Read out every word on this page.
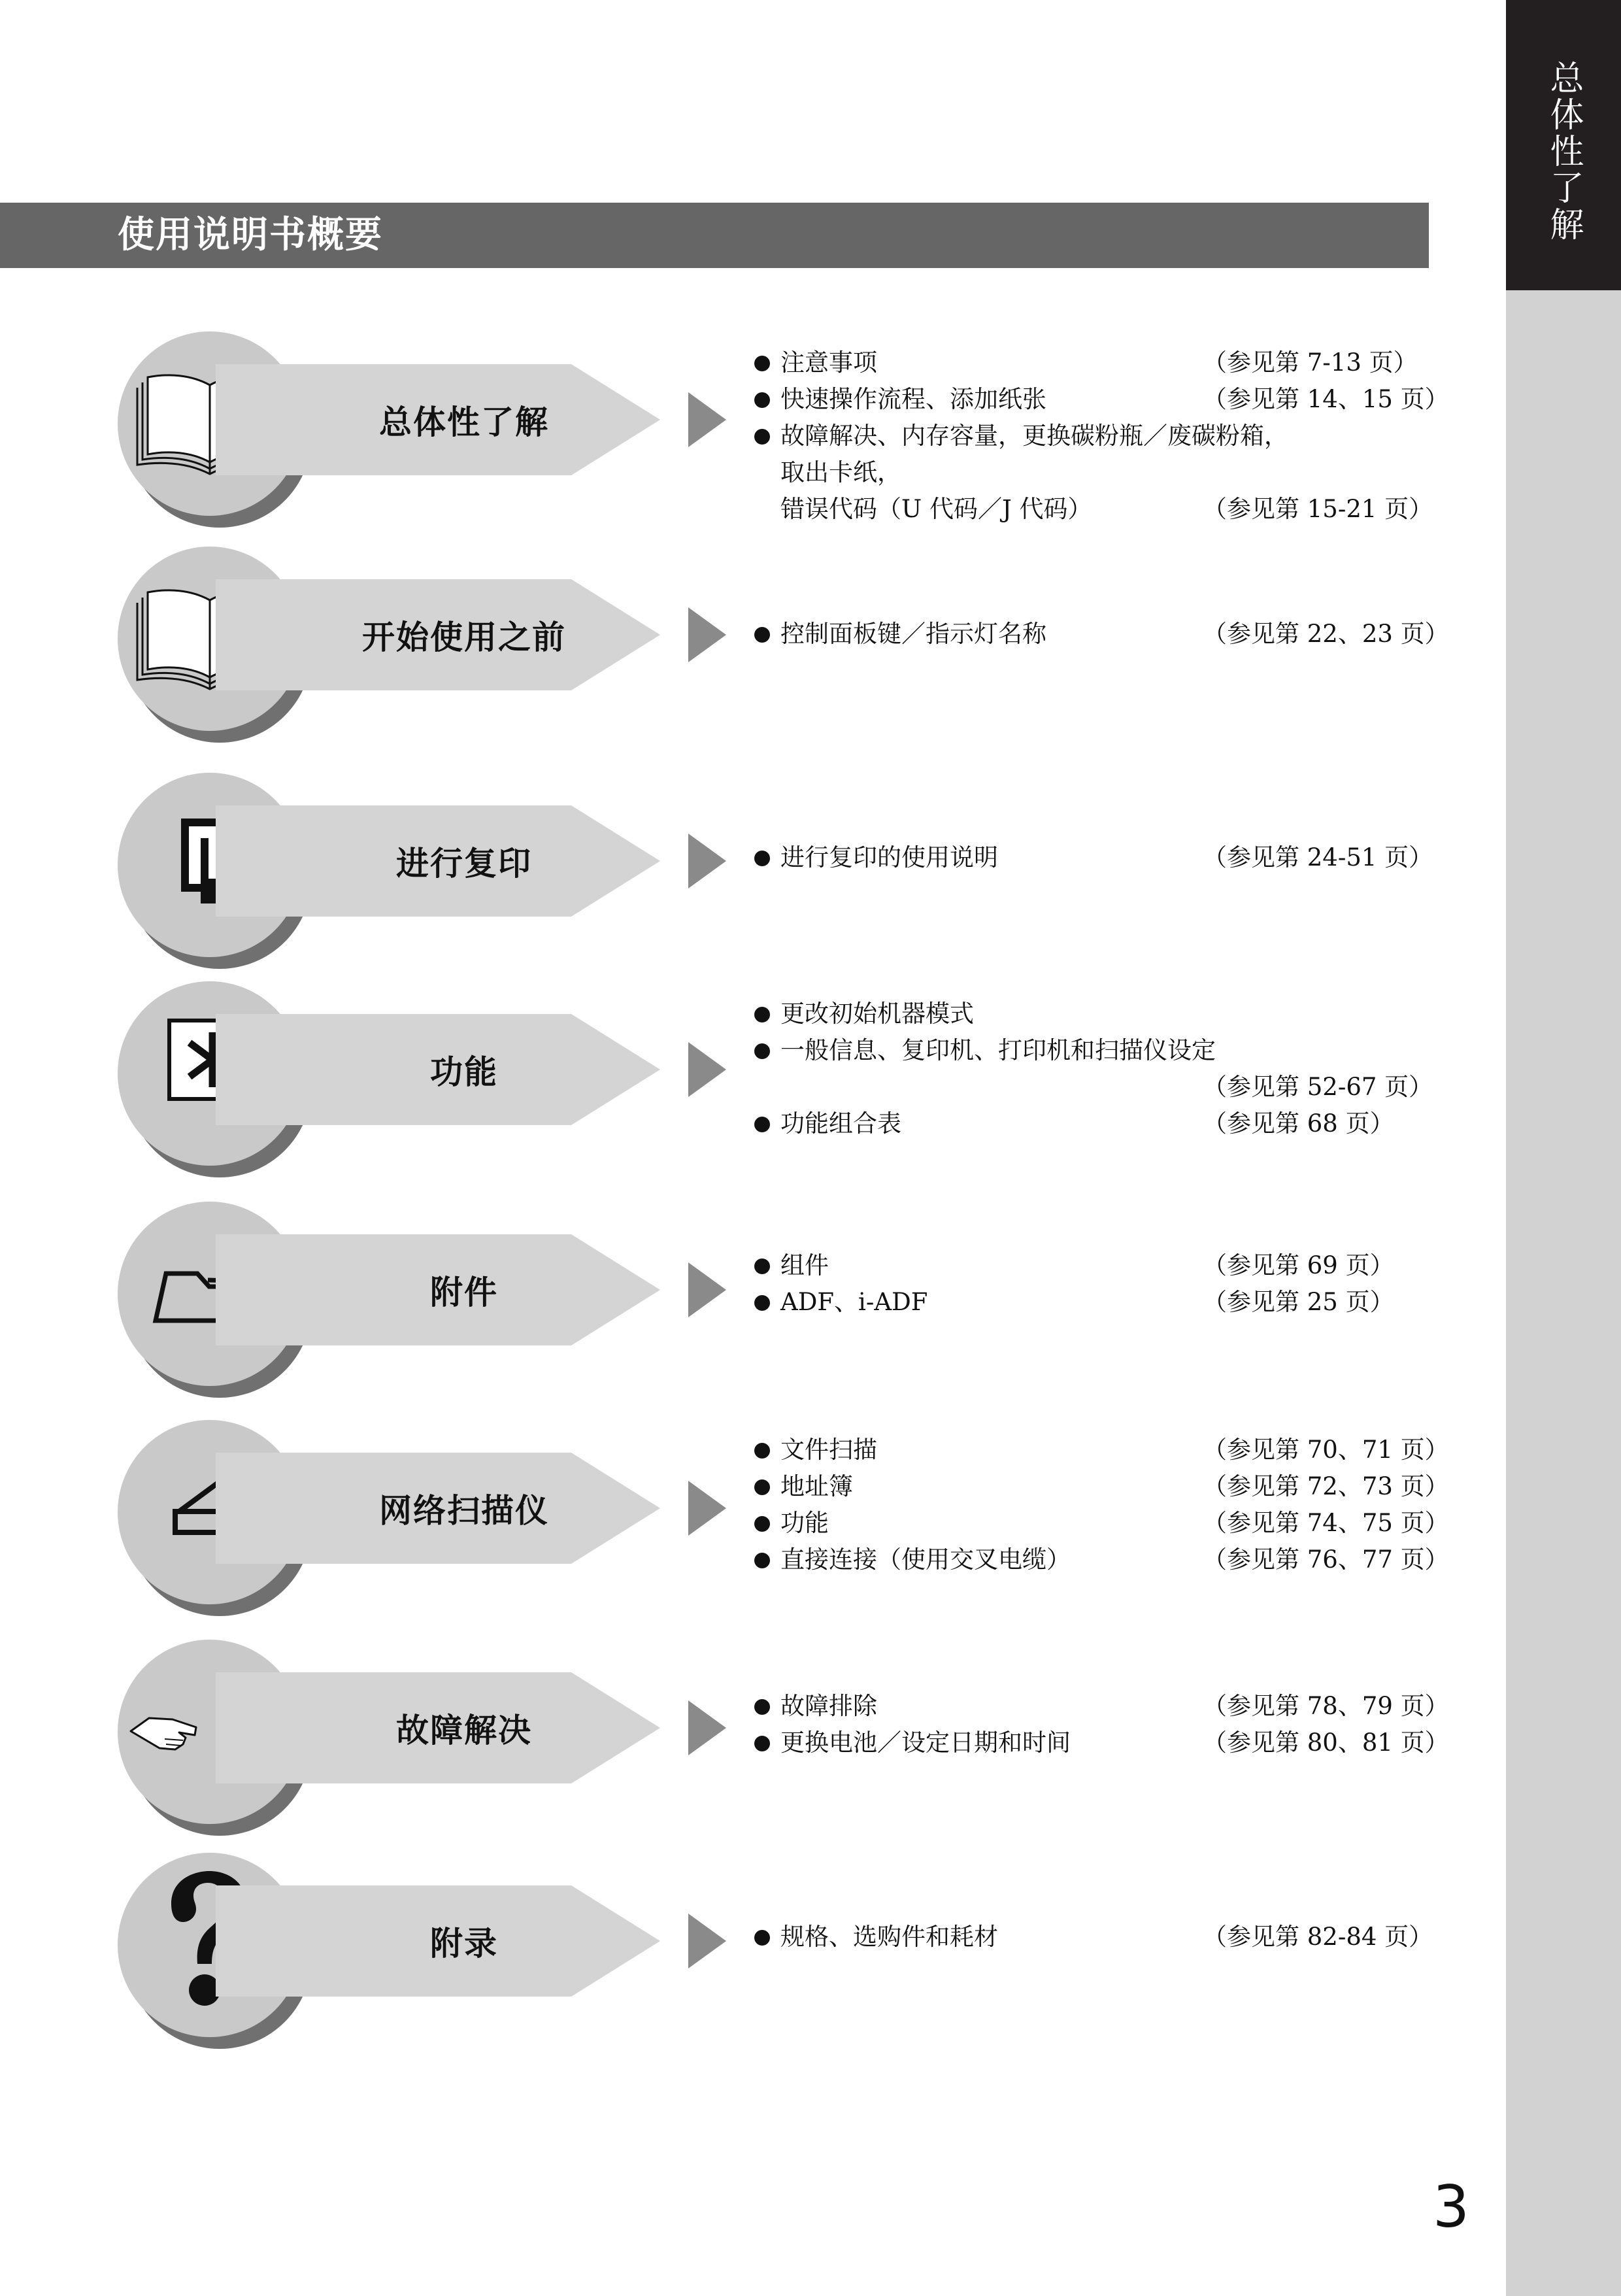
总体性了解
使用说明书概要
总体性了解
注意事项	（参见第 7-13 页）
快速操作流程、添加纸张	（参见第 14、15 页）
故障解决、内存容量，更换碳粉瓶／废碳粉箱，
取出卡纸，
错误代码（U 代码／J 代码）	（参见第 15-21 页）
开始使用之前	控制面板键／指示灯名称	（参见第 22、23 页）
进行复印	进行复印的使用说明	（参见第 24-51 页）
功能
更改初始机器模式
一般信息、复印机、打印机和扫描仪设定
（参见第 52-67 页）
功能组合表	（参见第 68 页）
附件
组件	（参见第 69 页）
ADF、i-ADF	（参见第 25 页）
网络扫描仪
文件扫描	（参见第 70、71 页）
地址簿	（参见第 72、73 页）
功能	（参见第 74、75 页）
直接连接（使用交叉电缆）	（参见第 76、77 页）
故障解决
故障排除	（参见第 78、79 页）
更换电池／设定日期和时间	（参见第 80、81 页）
附录	规格、选购件和耗材	（参见第 82-84 页）
3
